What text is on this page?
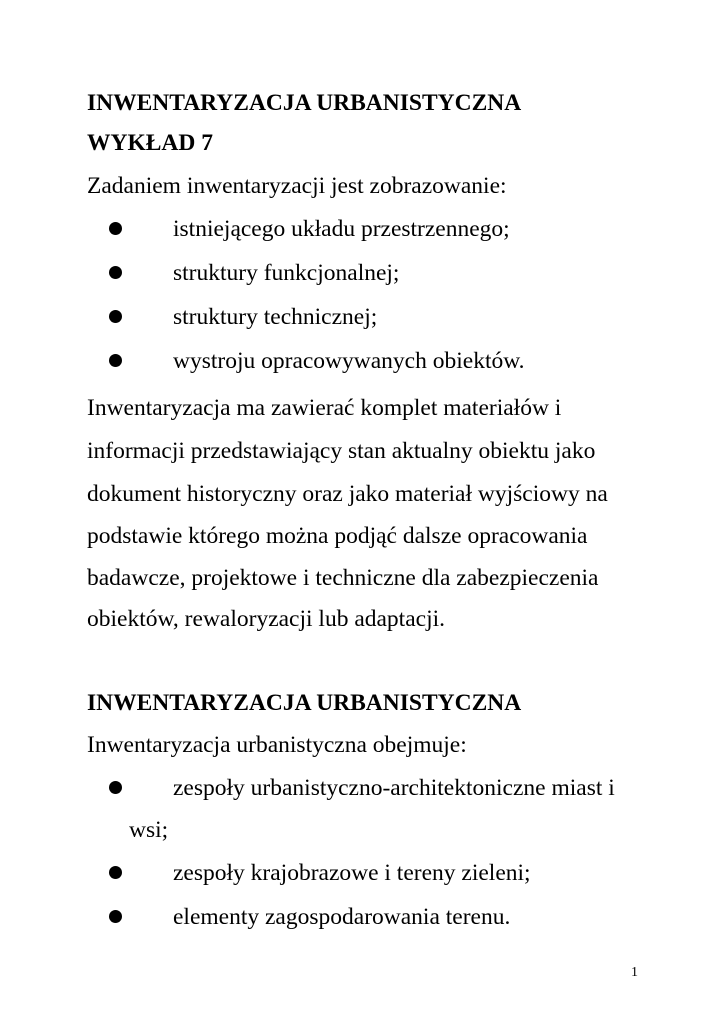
INWENTARYZACJA URBANISTYCZNA
WYKŁAD 7
Zadaniem inwentaryzacji jest zobrazowanie:
istniejącego układu przestrzennego;
struktury funkcjonalnej;
struktury technicznej;
wystroju opracowywanych obiektów.
Inwentaryzacja ma zawierać komplet materiałów i
informacji przedstawiający stan aktualny obiektu jako
dokument historyczny oraz jako materiał wyjściowy na
podstawie którego można podjąć dalsze opracowania
badawcze, projektowe i techniczne dla zabezpieczenia
obiektów, rewaloryzacji lub adaptacji.
INWENTARYZACJA URBANISTYCZNA
Inwentaryzacja urbanistyczna obejmuje:
zespoły urbanistyczno-architektoniczne miast i
wsi;
zespoły krajobrazowe i tereny zieleni;
elementy zagospodarowania terenu.
1
